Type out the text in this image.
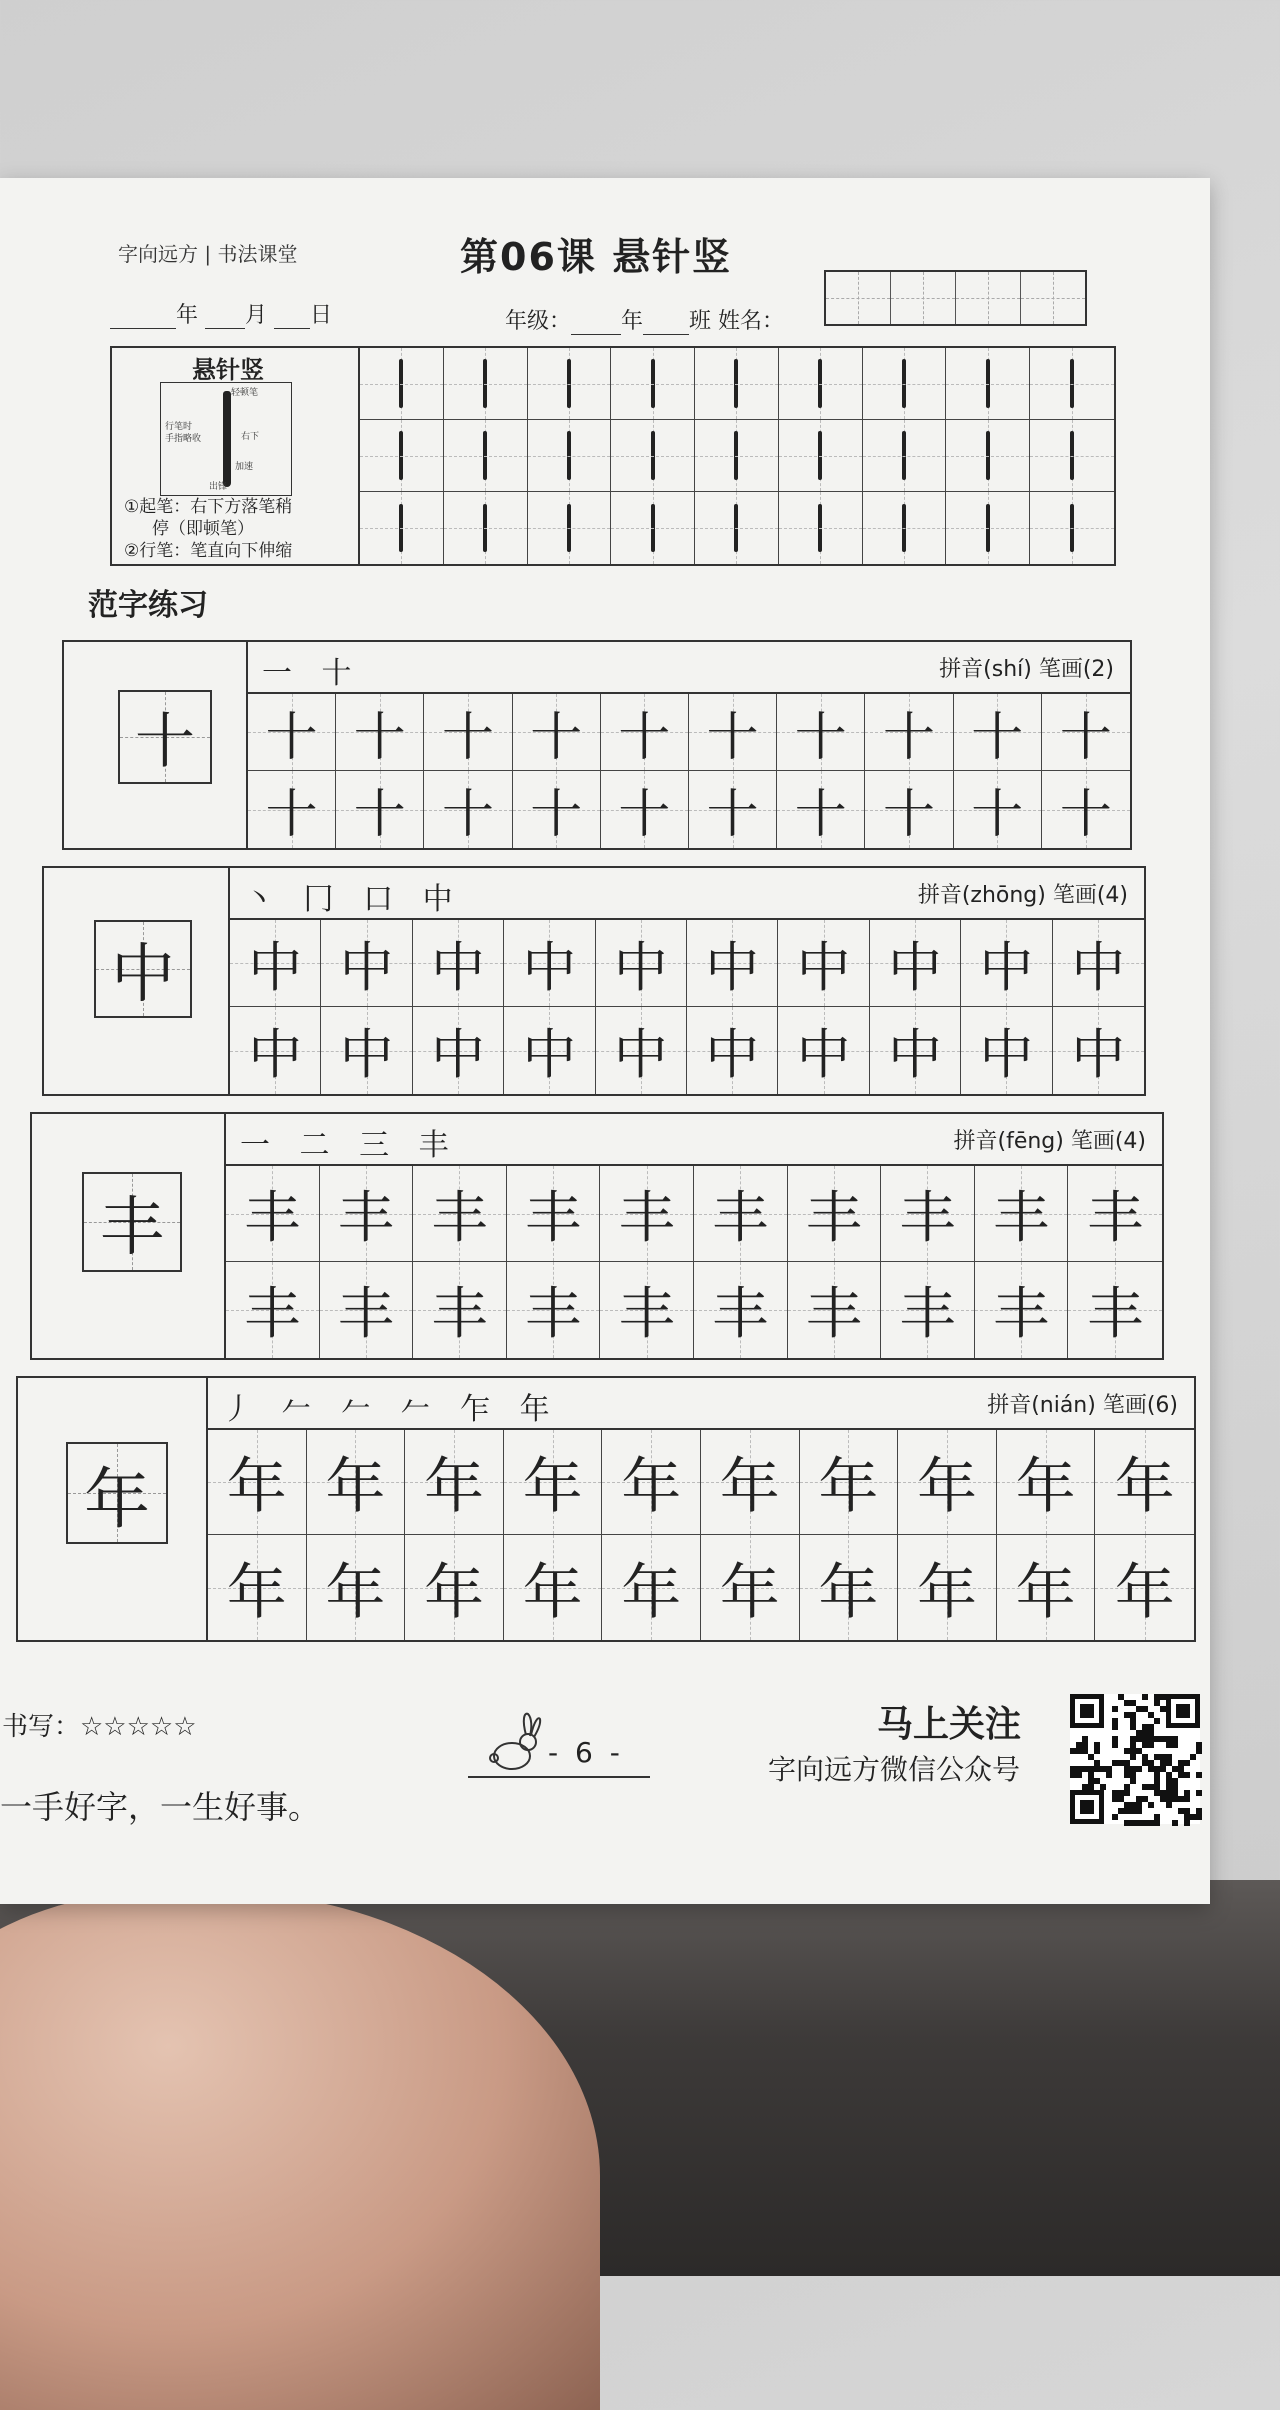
字向远方 | 书法课堂	第06课 悬针竖
年 月 日	年级： 年 班 姓名：
悬针竖
轻顿笔
行笔时
手指略收	右下
加速
出锋
①起笔：右下方落笔稍
停（即顿笔）
②行笔：笔直向下伸缩
范字练习
十
一 十	拼音(shí) 笔画(2)
十 十 十 十 十 十 十 十 十 十
十 十 十 十 十 十 十 十 十 十
中
丶 冂 口 中	拼音(zhōng) 笔画(4)
中 中 中 中 中 中 中 中 中 中
中 中 中 中 中 中 中 中 中 中
丰
一 二 三 丰	拼音(fēng) 笔画(4)
丰 丰 丰 丰 丰 丰 丰 丰 丰 丰
丰 丰 丰 丰 丰 丰 丰 丰 丰 丰
年
丿 𠂉 𠂉 𠂉 乍 年	拼音(nián) 笔画(6)
年 年 年 年 年 年 年 年 年 年
年 年 年 年 年 年 年 年 年 年
书写：☆☆☆☆☆
一手好字，一生好事。
- 6 -
马上关注
字向远方微信公众号
